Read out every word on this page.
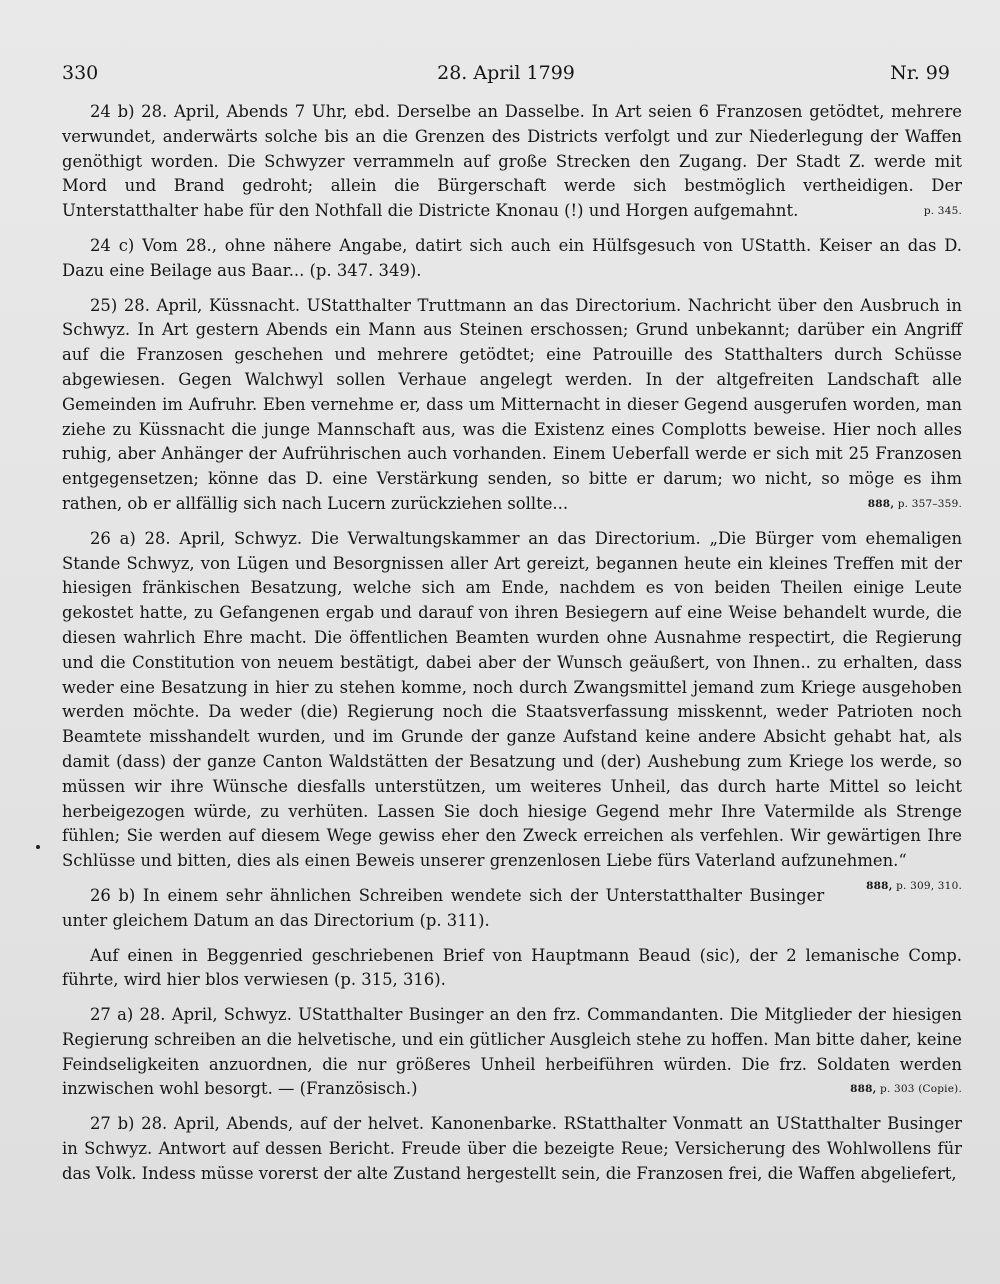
330	28. April 1799	Nr. 99

24 b) 28. April, Abends 7 Uhr, ebd. Derselbe an Dasselbe. In Art seien 6 Franzosen getödtet, mehrere verwundet, anderwärts solche bis an die Grenzen des Districts verfolgt und zur Niederlegung der Waffen genöthigt worden. Die Schwyzer verrammeln auf große Strecken den Zugang. Der Stadt Z. werde mit Mord und Brand gedroht; allein die Bürgerschaft werde sich bestmöglich vertheidigen. Der Unterstatthalter habe für den Nothfall die Districte Knonau (!) und Horgen aufgemahnt.	p. 345.

24 c) Vom 28., ohne nähere Angabe, datirt sich auch ein Hülfsgesuch von UStatth. Keiser an das D. Dazu eine Beilage aus Baar... (p. 347. 349).

25) 28. April, Küssnacht. UStatthalter Truttmann an das Directorium. Nachricht über den Ausbruch in Schwyz. In Art gestern Abends ein Mann aus Steinen erschossen; Grund unbekannt; darüber ein Angriff auf die Franzosen geschehen und mehrere getödtet; eine Patrouille des Statthalters durch Schüsse abgewiesen. Gegen Walchwyl sollen Verhaue angelegt werden. In der altgefreiten Landschaft alle Gemeinden im Aufruhr. Eben vernehme er, dass um Mitternacht in dieser Gegend ausgerufen worden, man ziehe zu Küssnacht die junge Mannschaft aus, was die Existenz eines Complotts beweise. Hier noch alles ruhig, aber Anhänger der Aufrührischen auch vorhanden. Einem Ueberfall werde er sich mit 25 Franzosen entgegensetzen; könne das D. eine Verstärkung senden, so bitte er darum; wo nicht, so möge es ihm rathen, ob er allfällig sich nach Lucern zurückziehen sollte...	888, p. 357–359.

26 a) 28. April, Schwyz. Die Verwaltungskammer an das Directorium. „Die Bürger vom ehemaligen Stande Schwyz, von Lügen und Besorgnissen aller Art gereizt, begannen heute ein kleines Treffen mit der hiesigen fränkischen Besatzung, welche sich am Ende, nachdem es von beiden Theilen einige Leute gekostet hatte, zu Gefangenen ergab und darauf von ihren Besiegern auf eine Weise behandelt wurde, die diesen wahrlich Ehre macht. Die öffentlichen Beamten wurden ohne Ausnahme respectirt, die Regierung und die Constitution von neuem bestätigt, dabei aber der Wunsch geäußert, von Ihnen.. zu erhalten, dass weder eine Besatzung in hier zu stehen komme, noch durch Zwangsmittel jemand zum Kriege ausgehoben werden möchte. Da weder (die) Regierung noch die Staatsverfassung misskennt, weder Patrioten noch Beamtete misshandelt wurden, und im Grunde der ganze Aufstand keine andere Absicht gehabt hat, als damit (dass) der ganze Canton Waldstätten der Besatzung und (der) Aushebung zum Kriege los werde, so müssen wir ihre Wünsche diesfalls unterstützen, um weiteres Unheil, das durch harte Mittel so leicht herbeigezogen würde, zu verhüten. Lassen Sie doch hiesige Gegend mehr Ihre Vatermilde als Strenge fühlen; Sie werden auf diesem Wege gewiss eher den Zweck erreichen als verfehlen. Wir gewärtigen Ihre Schlüsse und bitten, dies als einen Beweis unserer grenzenlosen Liebe fürs Vaterland aufzunehmen.“
888, p. 309, 310.

26 b) In einem sehr ähnlichen Schreiben wendete sich der Unterstatthalter Businger unter gleichem Datum an das Directorium (p. 311).

Auf einen in Beggenried geschriebenen Brief von Hauptmann Beaud (sic), der 2 lemanische Comp. führte, wird hier blos verwiesen (p. 315, 316).

27 a) 28. April, Schwyz. UStatthalter Businger an den frz. Commandanten. Die Mitglieder der hiesigen Regierung schreiben an die helvetische, und ein gütlicher Ausgleich stehe zu hoffen. Man bitte daher, keine Feindseligkeiten anzuordnen, die nur größeres Unheil herbeiführen würden. Die frz. Soldaten werden inzwischen wohl besorgt. — (Französisch.)	888, p. 303 (Copie).

27 b) 28. April, Abends, auf der helvet. Kanonenbarke. RStatthalter Vonmatt an UStatthalter Businger in Schwyz. Antwort auf dessen Bericht. Freude über die bezeigte Reue; Versicherung des Wohlwollens für das Volk. Indess müsse vorerst der alte Zustand hergestellt sein, die Franzosen frei, die Waffen abgeliefert,
